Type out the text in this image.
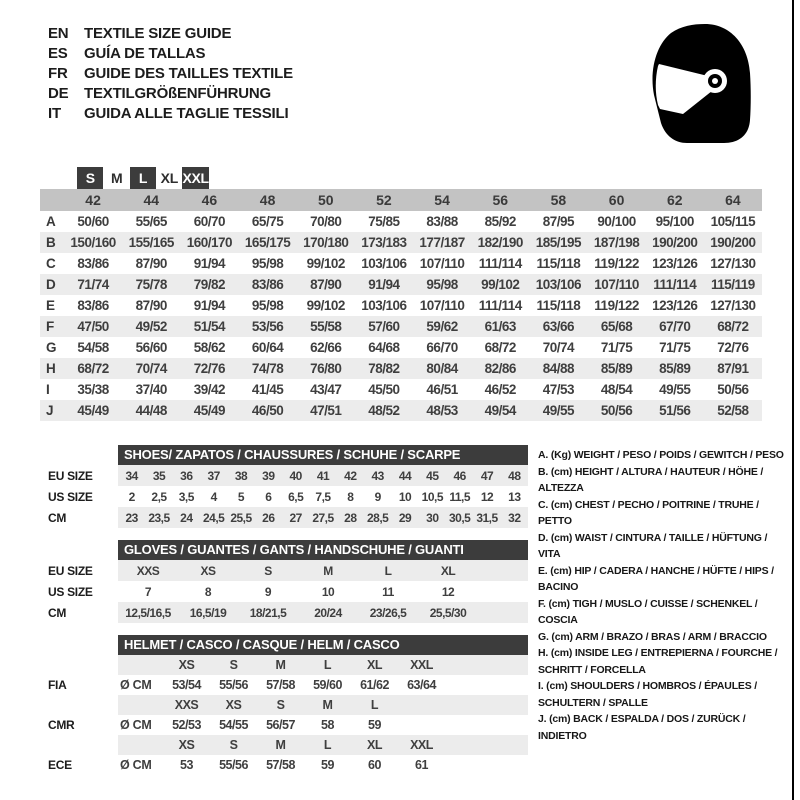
EN	TEXTILE SIZE GUIDE
ES	GUÍA DE TALLAS
FR	GUIDE DES TAILLES TEXTILE
DE	TEXTILGRÖßENFÜHRUNG
IT	GUIDA ALLE TAGLIE TESSILI
S M L XL XXL
42	44	46	48	50	52	54	56	58	60	62	64
A	50/60	55/65	60/70	65/75	70/80	75/85	83/88	85/92	87/95	90/100	95/100	105/115
B	150/160 155/165 160/170 165/175 170/180 173/183 177/187 182/190 185/195 187/198 190/200 190/200
C	83/86	87/90	91/94	95/98	99/102	103/106 107/110	111/114	115/118	119/122 123/126 127/130
D	71/74	75/78	79/82	83/86	87/90	91/94	95/98	99/102	103/106 107/110	111/114	115/119
E	83/86	87/90	91/94	95/98	99/102	103/106 107/110	111/114	115/118	119/122 123/126 127/130
F	47/50	49/52	51/54	53/56	55/58	57/60	59/62	61/63	63/66	65/68	67/70	68/72
G	54/58	56/60	58/62	60/64	62/66	64/68	66/70	68/72	70/74	71/75	71/75	72/76
H	68/72	70/74	72/76	74/78	76/80	78/82	80/84	82/86	84/88	85/89	85/89	87/91
I	35/38	37/40	39/42	41/45	43/47	45/50	46/51	46/52	47/53	48/54	49/55	50/56
J	45/49	44/48	45/49	46/50	47/51	48/52	48/53	49/54	49/55	50/56	51/56	52/58
SHOES/ ZAPATOS / CHAUSSURES / SCHUHE / SCARPE
EU SIZE	34	35	36	37	38	39	40	41	42	43	44	45	46	47	48
US SIZE	2	2,5	3,5	4	5	6	6,5	7,5	8	9	10 10,5 11,5 12	13
CM	23 23,5 24 24,5 25,5 26	27 27,5 28 28,5 29	30 30,5 31,5 32
GLOVES / GUANTES / GANTS / HANDSCHUHE / GUANTI
EU SIZE	XXS	XS	S	M	L	XL
US SIZE	7	8	9	10	11	12
CM	12,5/16,5	16,5/19	18/21,5	20/24	23/26,5	25,5/30
HELMET / CASCO / CASQUE / HELM / CASCO
XS	S	M	L	XL	XXL
FIA	Ø CM	53/54	55/56	57/58	59/60	61/62	63/64
XXS	XS	S	M	L
CMR	Ø CM	52/53	54/55	56/57	58	59
XS	S	M	L	XL	XXL
ECE	Ø CM	53	55/56	57/58	59	60	61
A. (Kg) WEIGHT / PESO / POIDS / GEWITCH / PESO
B. (cm) HEIGHT / ALTURA / HAUTEUR / HÖHE / ALTEZZA
C. (cm) CHEST / PECHO / POITRINE / TRUHE / PETTO
D. (cm) WAIST / CINTURA / TAILLE / HÜFTUNG / VITA
E. (cm) HIP / CADERA / HANCHE / HÜFTE / HIPS / BACINO
F. (cm) TIGH / MUSLO / CUISSE / SCHENKEL / COSCIA
G. (cm) ARM / BRAZO / BRAS / ARM / BRACCIO
H. (cm) INSIDE LEG / ENTREPIERNA / FOURCHE / SCHRITT / FORCELLA
I. (cm) SHOULDERS / HOMBROS / ÉPAULES / SCHULTERN / SPALLE
J. (cm) BACK / ESPALDA / DOS / ZURÜCK / INDIETRO
